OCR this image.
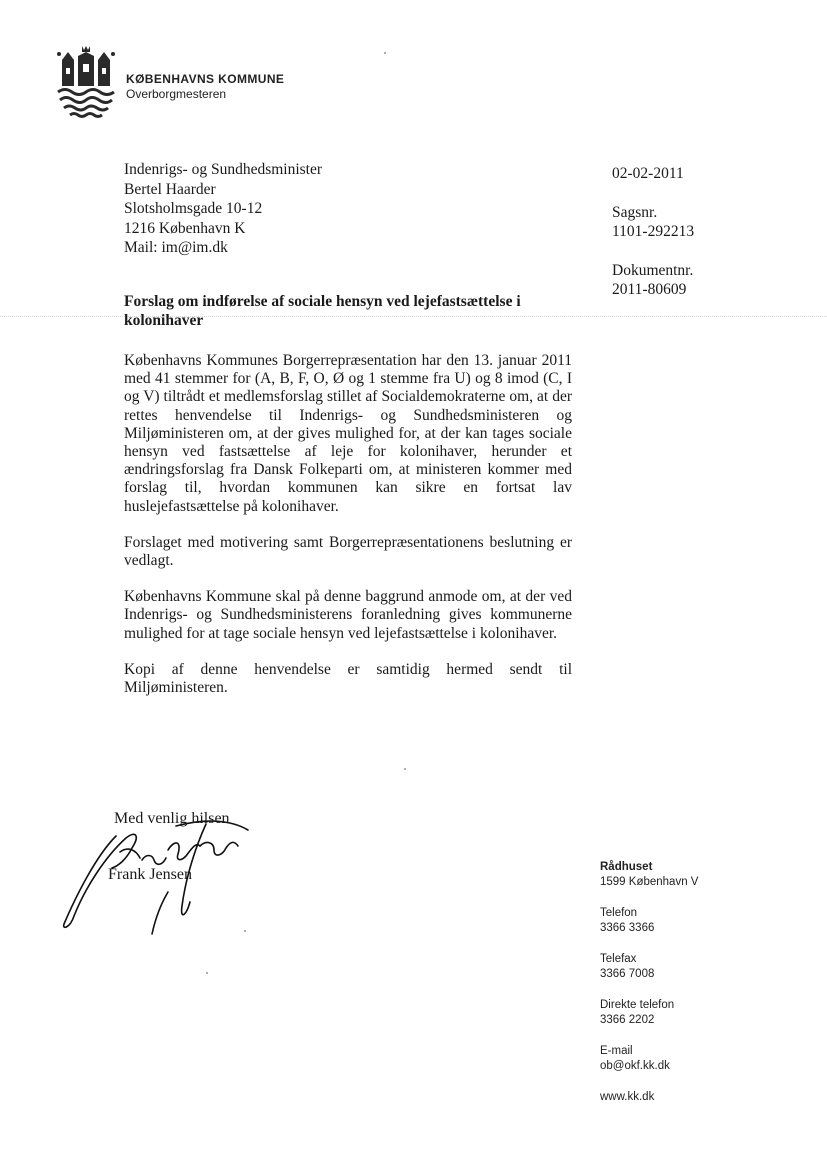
KØBENHAVNS KOMMUNE
Overborgmesteren
Indenrigs- og Sundhedsminister
Bertel Haarder
Slotsholmsgade 10-12
1216 København K
Mail: im@im.dk
02-02-2011
Sagsnr.
1101-292213
Dokumentnr.
2011-80609
Forslag om indførelse af sociale hensyn ved lejefastsættelse i kolonihaver

Københavns Kommunes Borgerrepræsentation har den 13. januar 2011 med 41 stemmer for (A, B, F, O, Ø og 1 stemme fra U) og 8 imod (C, I og V) tiltrådt et medlemsforslag stillet af Socialdemokraterne om, at der rettes henvendelse til Indenrigs- og Sundhedsministeren og Miljøministeren om, at der gives mulighed for, at der kan tages sociale hensyn ved fastsættelse af leje for kolonihaver, herunder et ændringsforslag fra Dansk Folkeparti om, at ministeren kommer med forslag til, hvordan kommunen kan sikre en fortsat lav huslejefastsættelse på kolonihaver.

Forslaget med motivering samt Borgerrepræsentationens beslutning er vedlagt.

Københavns Kommune skal på denne baggrund anmode om, at der ved Indenrigs- og Sundhedsministerens foranledning gives kommunerne mulighed for at tage sociale hensyn ved lejefastsættelse i kolonihaver.

Kopi af denne henvendelse er samtidig hermed sendt til Miljøministeren.

Med venlig hilsen
Frank Jensen	Rådhuset
1599 København V
Telefon
3366 3366
Telefax
3366 7008
Direkte telefon
3366 2202
E-mail
ob@okf.kk.dk
www.kk.dk
